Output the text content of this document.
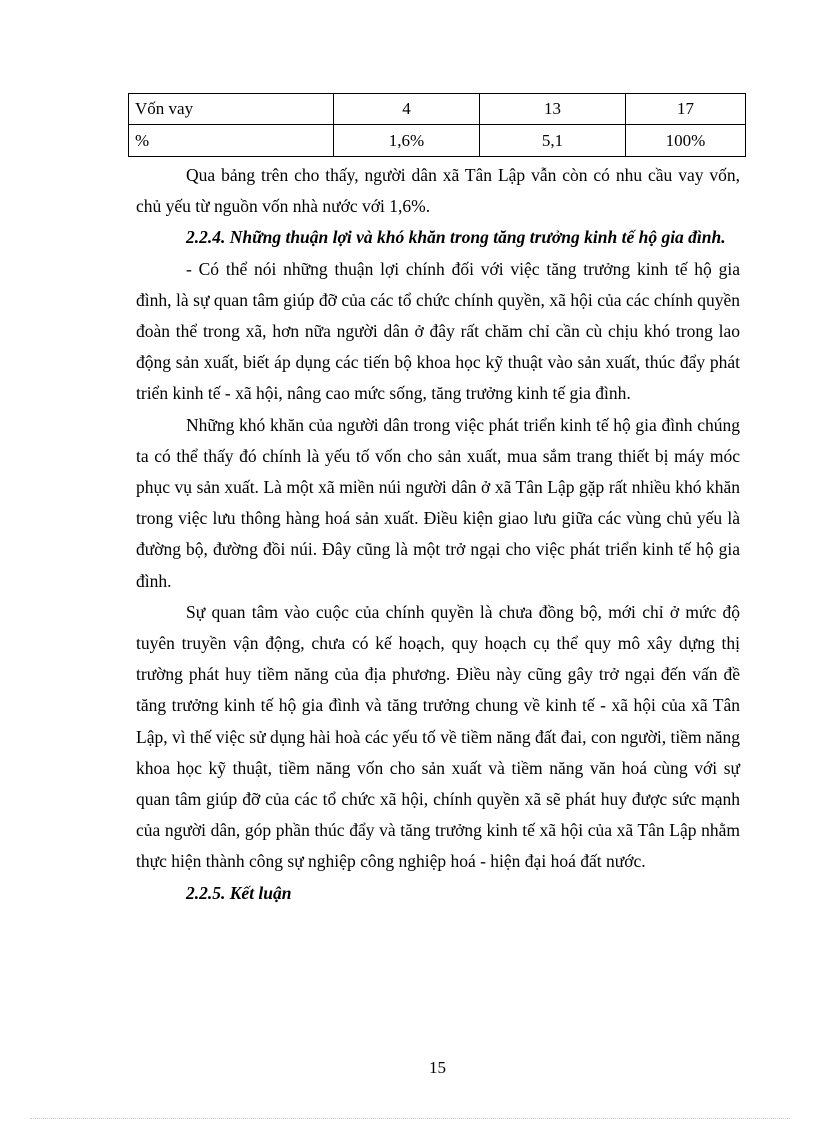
Vốn vay	4	13	17
%	1,6%	5,1	100%

Qua bảng trên cho thấy, người dân xã Tân Lập vẫn còn có nhu cầu vay vốn, chủ yếu từ nguồn vốn nhà nước với 1,6%.

2.2.4. Những thuận lợi và khó khăn trong tăng trưởng kinh tế hộ gia đình.

- Có thể nói những thuận lợi chính đối với việc tăng trưởng kinh tế hộ gia đình, là sự quan tâm giúp đỡ của các tổ chức chính quyền, xã hội của các chính quyền đoàn thể trong xã, hơn nữa người dân ở đây rất chăm chỉ cần cù chịu khó trong lao động sản xuất, biết áp dụng các tiến bộ khoa học kỹ thuật vào sản xuất, thúc đẩy phát triển kinh tế - xã hội, nâng cao mức sống, tăng trưởng kinh tế gia đình.

Những khó khăn của người dân trong việc phát triển kinh tế hộ gia đình chúng ta có thể thấy đó chính là yếu tố vốn cho sản xuất, mua sắm trang thiết bị máy móc phục vụ sản xuất. Là một xã miền núi người dân ở xã Tân Lập gặp rất nhiều khó khăn trong việc lưu thông hàng hoá sản xuất. Điều kiện giao lưu giữa các vùng chủ yếu là đường bộ, đường đồi núi. Đây cũng là một trở ngại cho việc phát triển kinh tế hộ gia đình.

Sự quan tâm vào cuộc của chính quyền là chưa đồng bộ, mới chỉ ở mức độ tuyên truyền vận động, chưa có kế hoạch, quy hoạch cụ thể quy mô xây dựng thị trường phát huy tiềm năng của địa phương. Điều này cũng gây trở ngại đến vấn đề tăng trưởng kinh tế hộ gia đình và tăng trưởng chung về kinh tế - xã hội của xã Tân Lập, vì thế việc sử dụng hài hoà các yếu tố về tiềm năng đất đai, con người, tiềm năng khoa học kỹ thuật, tiềm năng vốn cho sản xuất và tiềm năng văn hoá cùng với sự quan tâm giúp đỡ của các tổ chức xã hội, chính quyền xã sẽ phát huy được sức mạnh của người dân, góp phần thúc đẩy và tăng trưởng kinh tế xã hội của xã Tân Lập nhằm thực hiện thành công sự nghiệp công nghiệp hoá - hiện đại hoá đất nước.

2.2.5. Kết luận
15
